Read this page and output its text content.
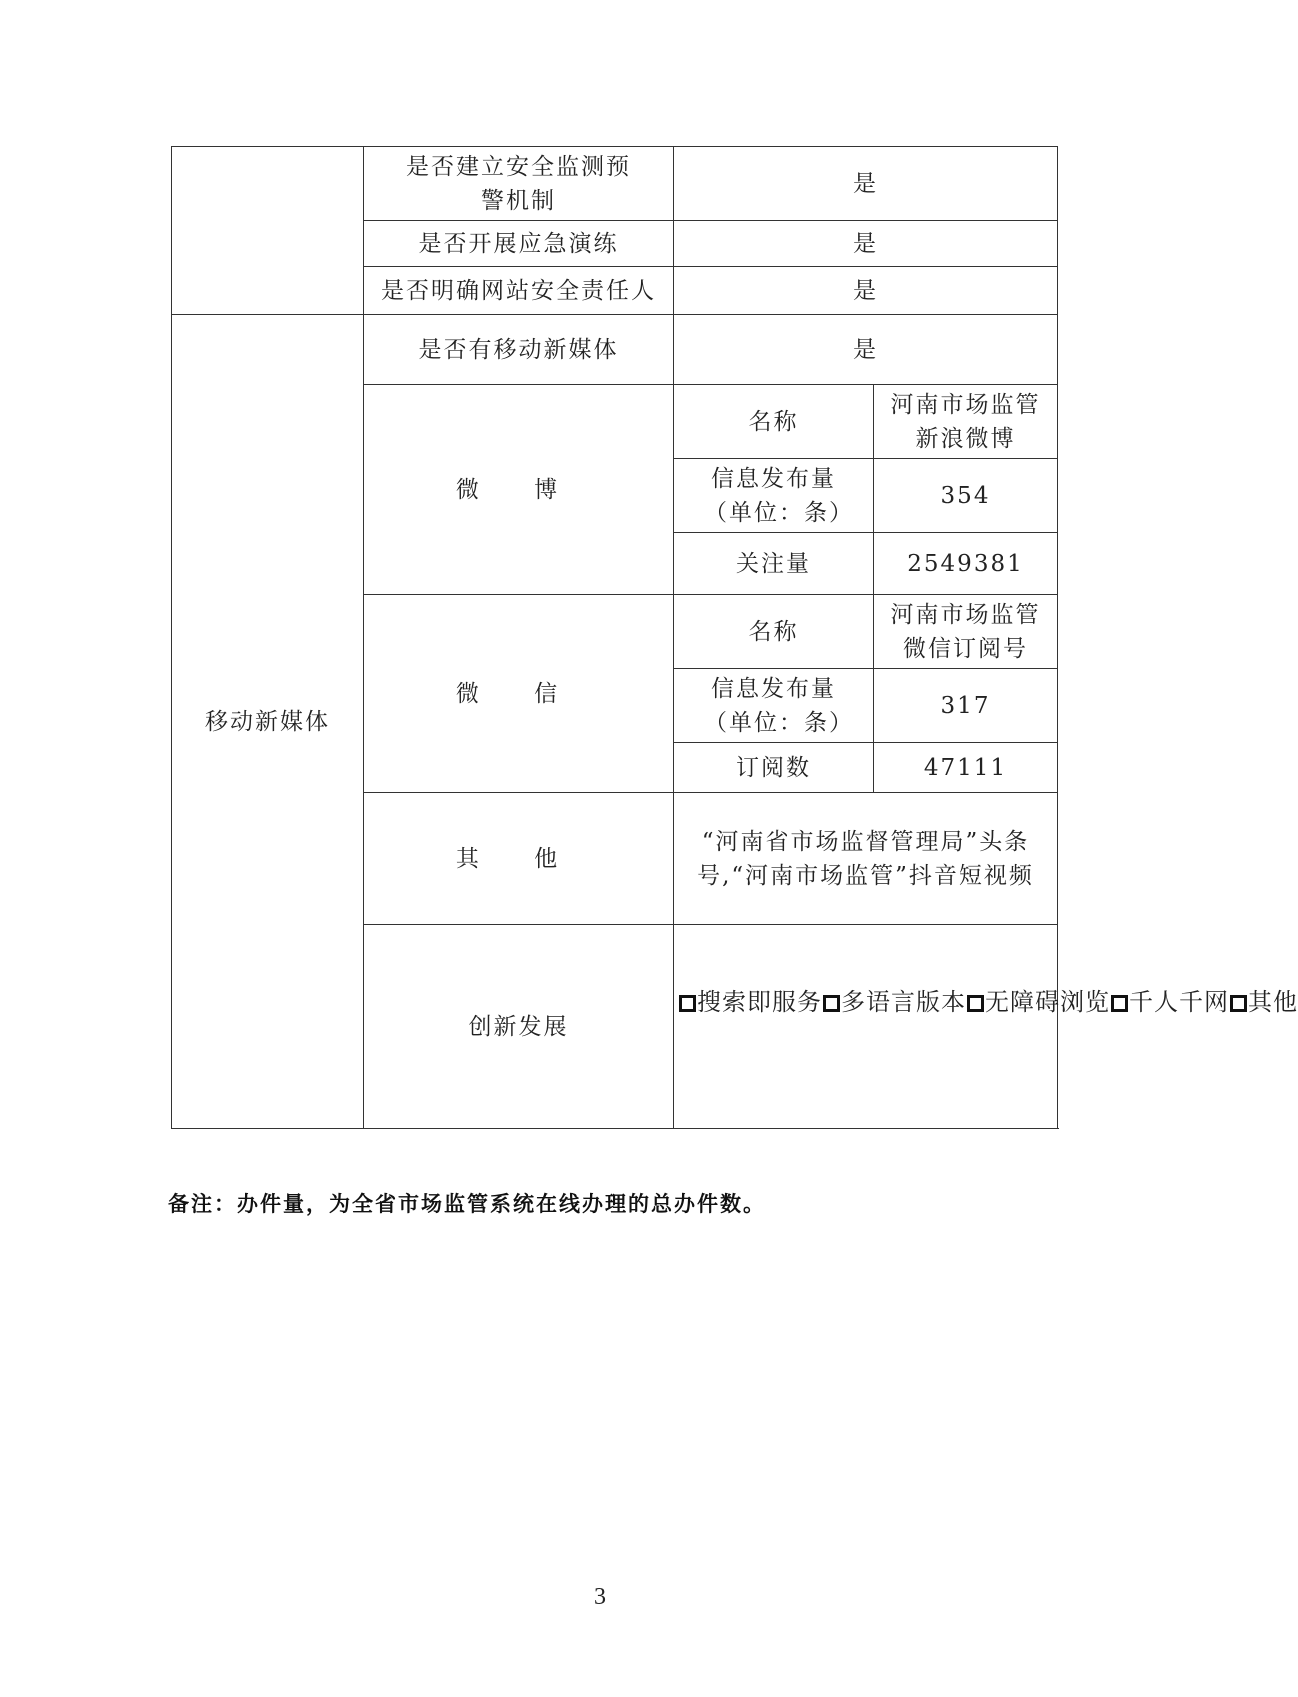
	是否建立安全监测预警机制	是	
	是否开展应急演练	是	
	是否明确网站安全责任人	是	
移动新媒体	是否有移动新媒体	是	
	微 博	名称	河南市场监管新浪微博
		信息发布量（单位：条）	354
		关注量	2549381
	微 信	名称	河南市场监管微信订阅号
		信息发布量（单位：条）	317
		订阅数	47111
	其 他	“河南省市场监督管理局”头条号,“河南市场监管”抖音短视频	
	创新发展	搜索即服务 多语言版本 无障碍浏览 千人千网 其他	
备注：办件量，为全省市场监管系统在线办理的总办件数。
3
